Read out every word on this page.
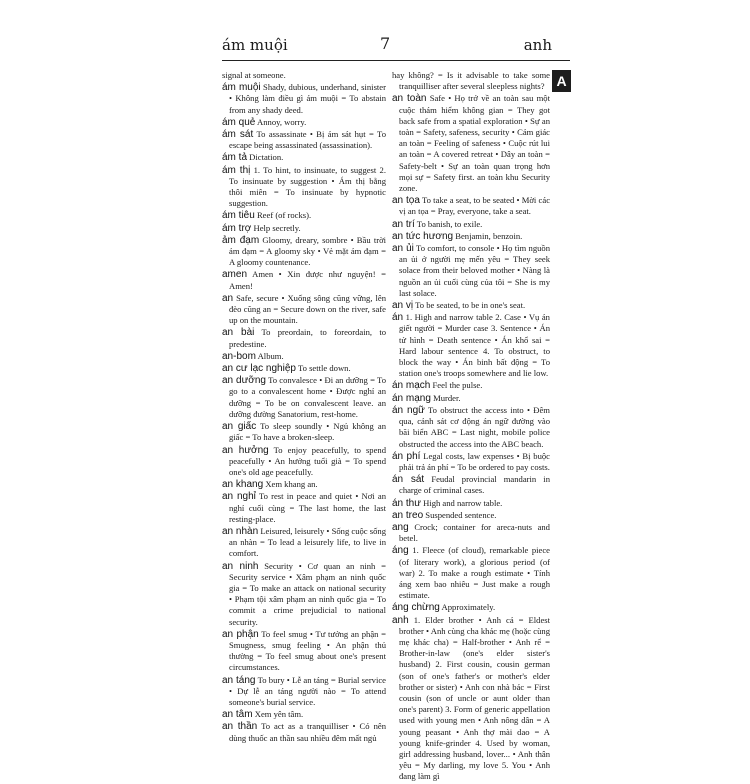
ám muội	7	anh
A
signal at someone.
ám muội Shady, dubious, underhand, sinister • Không làm điều gì ám muội = To abstain from any shady deed.
ám quẻ Annoy, worry.
ám sát To assassinate • Bị ám sát hụt = To escape being assassinated (assassination).
ám tả Dictation.
ám thị 1. To hint, to insinuate, to suggest 2. To insinuate by suggestion • Ám thị bằng thôi miên = To insinuate by hypnotic suggestion.
ám tiêu Reef (of rocks).
ám trợ Help secretly.
ảm đạm Gloomy, dreary, sombre • Bầu trời ảm đạm = A gloomy sky • Vẻ mặt ảm đạm = A gloomy countenance.
amen Amen • Xin được như nguyện! = Amen!
an Safe, secure • Xuống sông cũng vững, lên đèo cũng an = Secure down on the river, safe up on the mountain.
an bài To preordain, to foreordain, to predestine.
an-bom Album.
an cư lạc nghiệp To settle down.
an dưỡng To convalesce • Đi an dưỡng = To go to a convalescent home • Được nghỉ an dưỡng = To be on convalescent leave. an dưỡng đường Sanatorium, rest-home.
an giấc To sleep soundly • Ngủ không an giấc = To have a broken-sleep.
an hưởng To enjoy peacefully, to spend peacefully • An hưởng tuổi già = To spend one's old age peacefully.
an khang Xem khang an.
an nghỉ To rest in peace and quiet • Nơi an nghỉ cuối cùng = The last home, the last resting-place.
an nhàn Leisured, leisurely • Sống cuộc sống an nhàn = To lead a leisurely life, to live in comfort.
an ninh Security • Cơ quan an ninh = Security service • Xâm phạm an ninh quốc gia = To make an attack on national security • Phạm tội xâm phạm an ninh quốc gia = To commit a crime prejudicial to national security.
an phận To feel smug • Tư tưởng an phận = Smugness, smug feeling • An phận thủ thường = To feel smug about one's present circumstances.
an táng To bury • Lễ an táng = Burial service • Dự lễ an táng người nào = To attend someone's burial service.
an tâm Xem yên tâm.
an thần To act as a tranquilliser • Có nên dùng thuốc an thần sau nhiều đêm mất ngủ
hay không? = Is it advisable to take some tranquilliser after several sleepless nights?
an toàn Safe • Họ trở về an toàn sau một cuộc thám hiểm không gian = They got back safe from a spatial exploration • Sự an toàn = Safety, safeness, security • Cảm giác an toàn = Feeling of safeness • Cuộc rút lui an toàn = A covered retreat • Dây an toàn = Safety-belt • Sự an toàn quan trọng hơn mọi sự = Safety first. an toàn khu Security zone.
an tọa To take a seat, to be seated • Mời các vị an tọa = Pray, everyone, take a seat.
an trí To banish, to exile.
an tức hương Benjamin, benzoin.
an ủi To comfort, to console • Họ tìm nguồn an ủi ở người mẹ mến yêu = They seek solace from their beloved mother • Nàng là nguồn an ủi cuối cùng của tôi = She is my last solace.
an vị To be seated, to be in one's seat.
án 1. High and narrow table 2. Case • Vụ án giết người = Murder case 3. Sentence • Án tử hình = Death sentence • Án khổ sai = Hard labour sentence 4. To obstruct, to block the way • Án binh bất động = To station one's troops somewhere and lie low.
án mạch Feel the pulse.
án mạng Murder.
án ngữ To obstruct the access into • Đêm qua, cảnh sát cơ động án ngữ đường vào bãi biển ABC = Last night, mobile police obstructed the access into the ABC beach.
án phí Legal costs, law expenses • Bị buộc phải trả án phí = To be ordered to pay costs.
án sát Feudal provincial mandarin in charge of criminal cases.
án thư High and narrow table.
an treo Suspended sentence.
ang Crock; container for areca-nuts and betel.
áng 1. Fleece (of cloud), remarkable piece (of literary work), a glorious period (of war) 2. To make a rough estimate • Tính áng xem bao nhiêu = Just make a rough estimate.
áng chừng Approximately.
anh 1. Elder brother • Anh cả = Eldest brother • Anh cùng cha khác mẹ (hoặc cùng mẹ khác cha) = Half-brother • Anh rể = Brother-in-law (one's elder sister's husband) 2. First cousin, cousin german (son of one's father's or mother's elder brother or sister) • Anh con nhà bác = First cousin (son of uncle or aunt older than one's parent) 3. Form of generic appellation used with young men • Anh nông dân = A young peasant • Anh thợ mài dao = A young knife-grinder 4. Used by woman, girl addressing husband, lover... • Anh thân yêu = My darling, my love 5. You • Anh đang làm gì
